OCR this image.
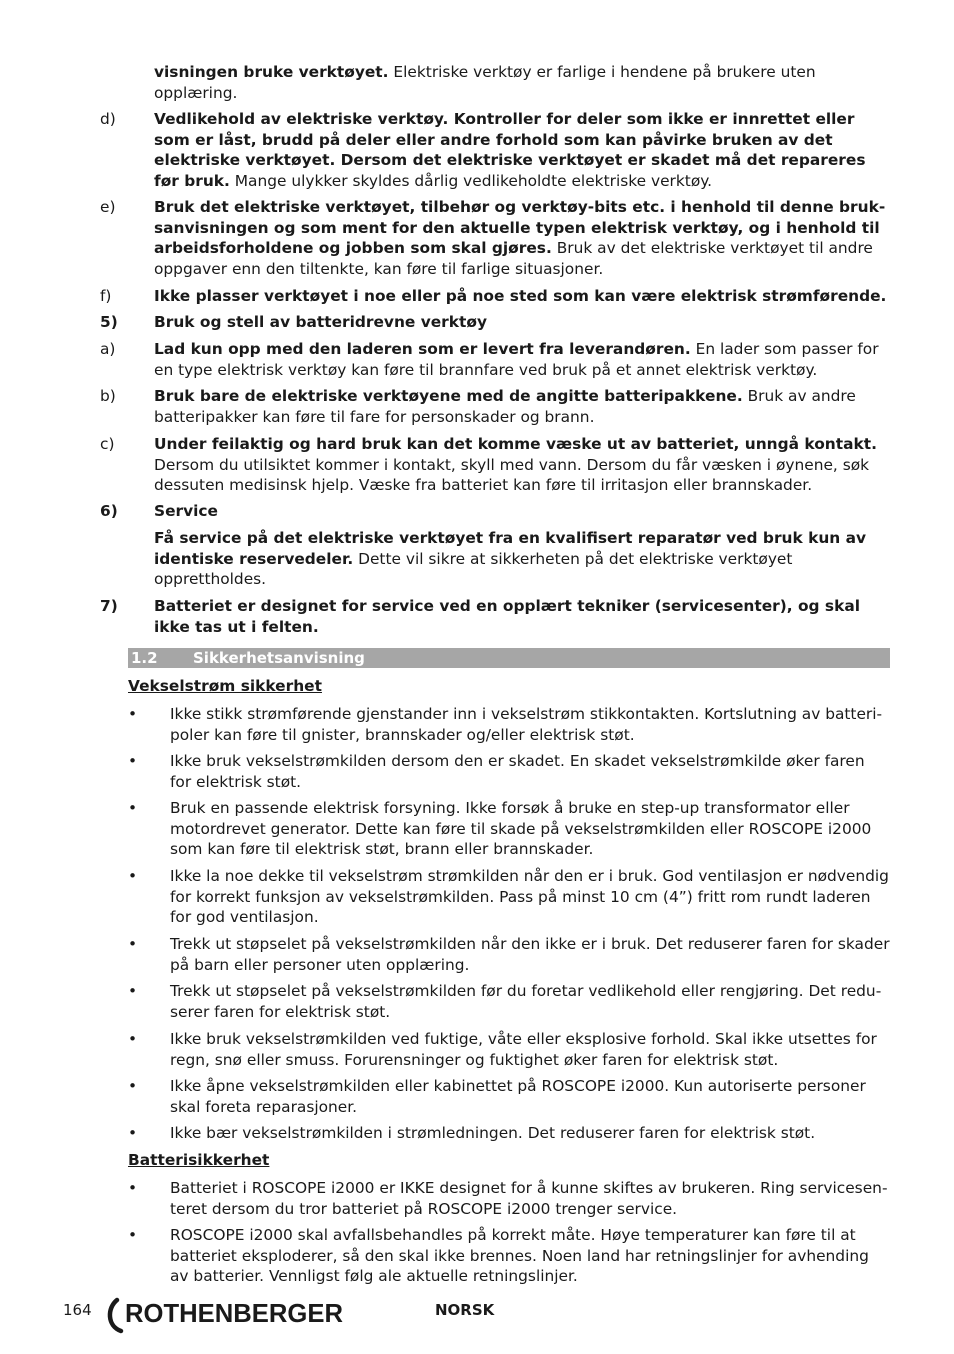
visningen bruke verktøyet. Elektriske verktøy er farlige i hendene på brukere uten opplæring.
d) Vedlikehold av elektriske verktøy. Kontroller for deler som ikke er innrettet eller som er låst, brudd på deler eller andre forhold som kan påvirke bruken av det elektriske verktøyet. Dersom det elektriske verktøyet er skadet må det repareres før bruk. Mange ulykker skyldes dårlig vedlikeholdte elektriske verktøy.
e)	Bruk det elektriske verktøyet, tilbehør og verktøy-bits etc. i henhold til denne bruksanvisningen og som ment for den aktuelle typen elektrisk verktøy, og i henhold til arbeidsforholdene og jobben som skal gjøres. Bruk av det elektriske verktøyet til andre oppgaver enn den tiltenkte, kan føre til farlige situasjoner.
f)	Ikke plasser verktøyet i noe eller på noe sted som kan være elektrisk strømførende.
5) Bruk og stell av batteridrevne verktøy
a)	Lad kun opp med den laderen som er levert fra leverandøren. En lader som passer for en type elektrisk verktøy kan føre til brannfare ved bruk på et annet elektrisk verktøy.
b) Bruk bare de elektriske verktøyene med de angitte batteripakkene. Bruk av andre batteripakker kan føre til fare for personskader og brann.
c)	Under feilaktig og hard bruk kan det komme væske ut av batteriet, unngå kontakt. Dersom du utilsiktet kommer i kontakt, skyll med vann. Dersom du får væsken i øynene, søk dessuten medisinsk hjelp. Væske fra batteriet kan føre til irritasjon eller brannskader.
6) Service
Få service på det elektriske verktøyet fra en kvalifisert reparatør ved bruk kun av identiske reservedeler. Dette vil sikre at sikkerheten på det elektriske verktøyet opprettholdes.
7) Batteriet er designet for service ved en opplært tekniker (servicesenter), og skal ikke tas ut i felten.
1.2 Sikkerhetsanvisning
Vekselstrøm sikkerhet
• Ikke stikk strømførende gjenstander inn i vekselstrøm stikkontakten. Kortslutning av batteripoler kan føre til gnister, brannskader og/eller elektrisk støt.
• Ikke bruk vekselstrømkilden dersom den er skadet. En skadet vekselstrømkilde øker faren for elektrisk støt.
• Bruk en passende elektrisk forsyning. Ikke forsøk å bruke en step-up transformator eller motordrevet generator. Dette kan føre til skade på vekselstrømkilden eller ROSCOPE i2000 som kan føre til elektrisk støt, brann eller brannskader.
• Ikke la noe dekke til vekselstrøm strømkilden når den er i bruk. God ventilasjon er nødvendig for korrekt funksjon av vekselstrømkilden. Pass på minst 10 cm (4”) fritt rom rundt laderen for god ventilasjon.
• Trekk ut støpselet på vekselstrømkilden når den ikke er i bruk. Det reduserer faren for skader på barn eller personer uten opplæring.
• Trekk ut støpselet på vekselstrømkilden før du foretar vedlikehold eller rengjøring. Det reduserer faren for elektrisk støt.
• Ikke bruk vekselstrømkilden ved fuktige, våte eller eksplosive forhold. Skal ikke utsettes for regn, snø eller smuss. Forurensninger og fuktighet øker faren for elektrisk støt.
• Ikke åpne vekselstrømkilden eller kabinettet på ROSCOPE i2000. Kun autoriserte personer skal foreta reparasjoner.
• Ikke bær vekselstrømkilden i strømledningen. Det reduserer faren for elektrisk støt.
Batterisikkerhet
• Batteriet i ROSCOPE i2000 er IKKE designet for å kunne skiftes av brukeren. Ring servicesenteret dersom du tror batteriet på ROSCOPE i2000 trenger service.
• ROSCOPE i2000 skal avfallsbehandles på korrekt måte. Høye temperaturer kan føre til at batteriet eksploderer, så den skal ikke brennes. Noen land har retningslinjer for avhending av batterier. Vennligst følg ale aktuelle retningslinjer.
164 ROTHENBERGER	NORSK
